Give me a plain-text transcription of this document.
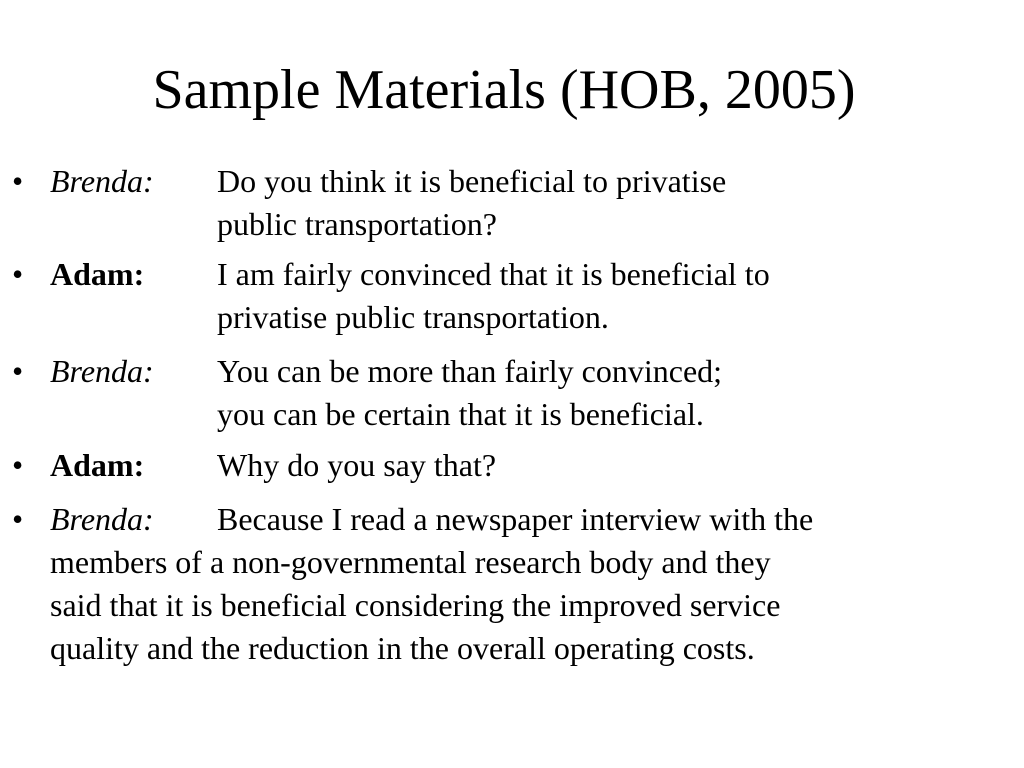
Sample Materials (HOB, 2005)
• Brenda: Do you think it is beneficial to privatise
public transportation?
• Adam: I am fairly convinced that it is beneficial to
privatise public transportation.
• Brenda: You can be more than fairly convinced;
you can be certain that it is beneficial.
• Adam: Why do you say that?
• Brenda: Because I read a newspaper interview with the
members of a non-governmental research body and they
said that it is beneficial considering the improved service
quality and the reduction in the overall operating costs.
